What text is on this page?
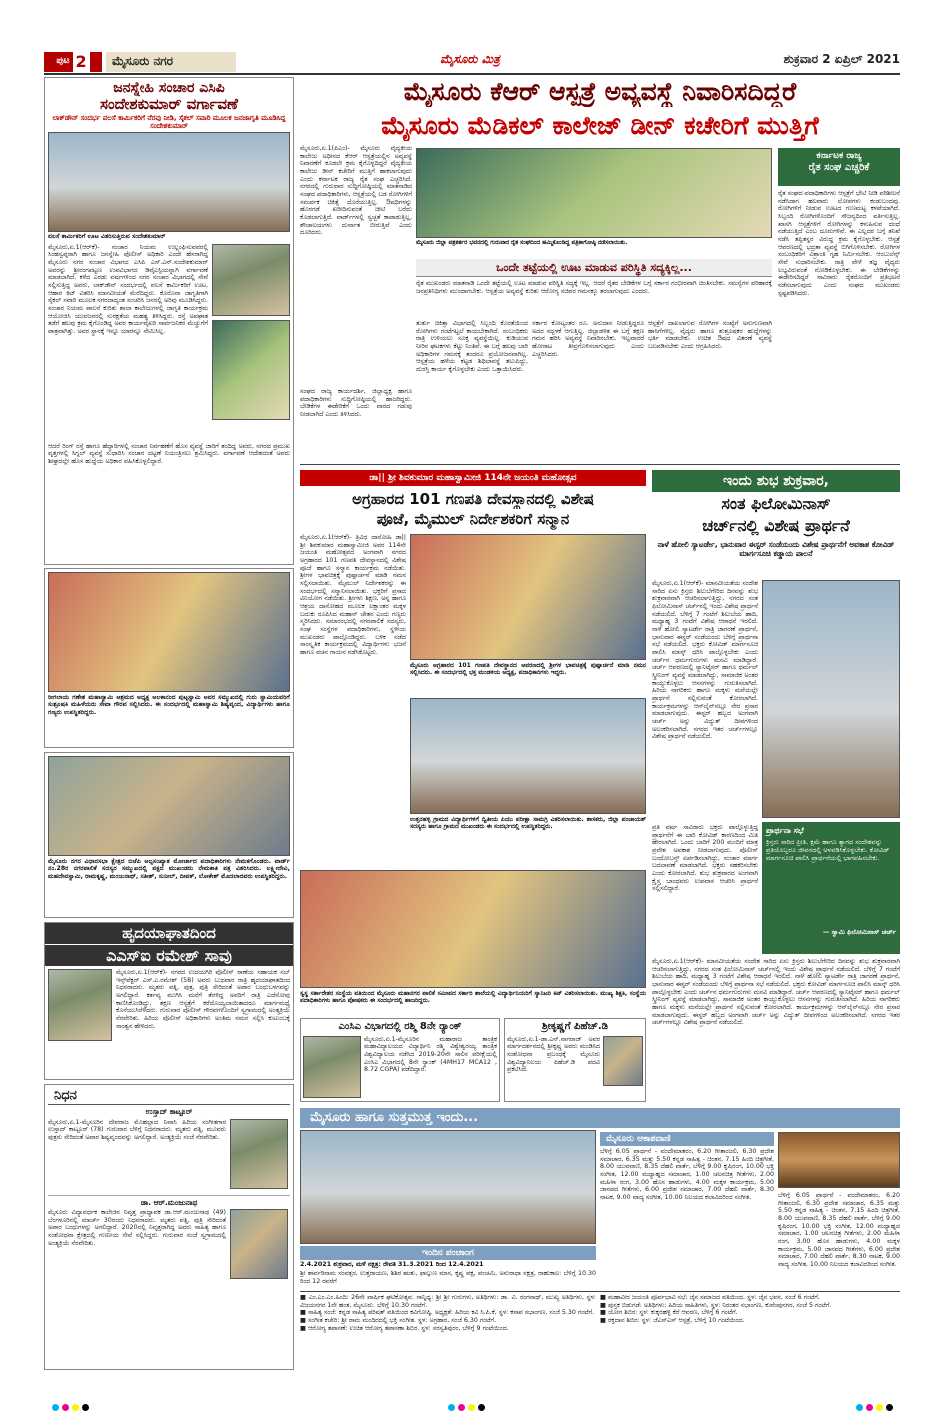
ಪುಟ 2	ಮೈಸೂರು ನಗರ	ಮೈಸೂರು ಮಿತ್ರ	ಶುಕ್ರವಾರ 2 ಏಪ್ರಿಲ್ 2021
ಜನಸ್ನೇಹಿ ಸಂಚಾರ ಎಸಿಪಿ
ಸಂದೇಶಕುಮಾರ್ ವರ್ಗಾವಣೆ
ಲಾಕ್‌ಡೌನ್ ಸಂದರ್ಭ ವಲಸೆ ಕಾರ್ಮಿಕರಿಗೆ ನೆರವು ನೀಡಿ, ಸೈಕಲ್ ಸವಾರಿ ಮೂಲಕ ಜನಜಾಗೃತಿ ಮೂಡಿಸಿದ್ದ ಸಂದೇಶಕುಮಾರ್
ವಲಸೆ ಕಾರ್ಮಿಕರಿಗೆ ಊಟ ವಿತರಿಸುತ್ತಿರುವ ಸಂದೇಶಕುಮಾರ್
ಮೈಸೂರು,ಏ.1(ಆರ್‌ಕೆ)- ಸಂಚಾರ ನಿಯಮ ಉಲ್ಲಂಘಿಸುವವರಲ್ಲಿ ಸಿಂಹಸ್ವಪ್ನರಾಗಿ ಹಾಗೂ ಜನಸ್ನೇಹಿ ಪೊಲೀಸ್ ಅಧಿಕಾರಿ ಎಂದೇ ಹೆಸರಾಗಿದ್ದ ಮೈಸೂರು ನಗರ ಸಂಚಾರ ವಿಭಾಗದ ಎಸಿಪಿ ಎಸ್.ಎನ್.ಸಂದೇಶಕುಮಾರ್ ಅವರನ್ನು ಶ್ರೀರಂಗಪಟ್ಟಣ ಉಪವಿಭಾಗದ ಡಿವೈಎಸ್ಪಿಯನ್ನಾಗಿ ವರ್ಗಾವಣೆ ಮಾಡಲಾಗಿದೆ. ಕಳೆದ ಎರಡು ವರ್ಷಗಳಿಂದ ನಗರ ಸಂಚಾರ ವಿಭಾಗದಲ್ಲಿ ಸೇವೆ ಸಲ್ಲಿಸುತ್ತಿದ್ದ ಅವರು, ಲಾಕ್‌ಡೌನ್ ಸಂದರ್ಭದಲ್ಲಿ ವಲಸೆ ಕಾರ್ಮಿಕರಿಗೆ ಊಟ, ಆಹಾರ ಕಿಟ್ ವಿತರಿಸಿ ಮಾನವೀಯತೆ ಮೆರೆದಿದ್ದರು. ಕೊರೊನಾ ಜಾಗೃತಿಗಾಗಿ ಸೈಕಲ್ ಸವಾರಿ ಮೂಲಕ ನಗರದಾದ್ಯಂತ ಸಂಚರಿಸಿ ಜನರಲ್ಲಿ ಅರಿವು ಮೂಡಿಸಿದ್ದರು. ಸಂಚಾರ ನಿಯಮ ಪಾಲನೆ ಕುರಿತು ಶಾಲಾ ಕಾಲೇಜುಗಳಲ್ಲಿ ಜಾಗೃತಿ ಕಾರ್ಯಕ್ರಮ ಆಯೋಜಿಸಿ ಯುವಜನರಲ್ಲಿ ಸುರಕ್ಷತೆಯ ಮಹತ್ವ ತಿಳಿಸಿದ್ದರು. ರಸ್ತೆ ಅಪಘಾತ ತಡೆಗೆ ಹಲವು ಕ್ರಮ ಕೈಗೊಂಡಿದ್ದ ಅವರ ಕಾರ್ಯವೈಖರಿ ಸಾರ್ವಜನಿಕರ ಮೆಚ್ಚುಗೆಗೆ ಪಾತ್ರವಾಗಿತ್ತು. ಅವರ ಸ್ಥಾನಕ್ಕೆ ಇನ್ನೂ ಯಾರನ್ನೂ ನೇಮಿಸಿಲ್ಲ.
ಆದರೆ ರಿಂಗ್ ರಸ್ತೆ ಹಾಗೂ ಹೆದ್ದಾರಿಗಳಲ್ಲಿ ಸಂಚಾರ ನಿರ್ವಹಣೆಗೆ ಹೊಸ ವ್ಯವಸ್ಥೆ ಜಾರಿಗೆ ತಂದಿದ್ದ ಅವರು, ನಗರದ ಪ್ರಮುಖ ವೃತ್ತಗಳಲ್ಲಿ ಸಿಗ್ನಲ್ ವ್ಯವಸ್ಥೆ ಸುಧಾರಿಸಿ ಸಂಚಾರ ದಟ್ಟಣೆ ನಿಯಂತ್ರಿಸಲು ಶ್ರಮಿಸಿದ್ದರು. ವರ್ಗಾವಣೆ ಆದೇಶದಂತೆ ಅವರು ಶೀಘ್ರದಲ್ಲೇ ಹೊಸ ಹುದ್ದೆಯ ಅಧಿಕಾರ ವಹಿಸಿಕೊಳ್ಳಲಿದ್ದಾರೆ.
ರೀಗಲಾಯ ಗಣೇಶ ಮಹಾಸ್ವಾಮಿ ಆಶ್ರಮದ ಅಧ್ಯಕ್ಷ ಅಲಕಾನಂದ ಪುಟ್ಟಸ್ವಾಮಿ ಅವರ ಸಮ್ಮುಖದಲ್ಲಿ ಗುರು ಸ್ವಾಮಿಯವರಿಗೆ ಸುಶ್ರೂಷಕಿ ಮಹಿಳೆಯರು ಸೇವಾ ಗೌರವ ಸಲ್ಲಿಸಿದರು. ಈ ಸಂದರ್ಭದಲ್ಲಿ ಮಹಾಸ್ವಾಮಿ ಶಿಷ್ಯವೃಂದ, ವಿದ್ಯಾರ್ಥಿಗಳು ಹಾಗೂ ಗಣ್ಯರು ಉಪಸ್ಥಿತರಿದ್ದರು.
ಮೈಸೂರು ನಗರ ವಿಧಾನಸಭಾ ಕ್ಷೇತ್ರದ ಬಿಜೆಪಿ ಅಲ್ಪಸಂಖ್ಯಾತ ಮೋರ್ಚಾದ ಪದಾಧಿಕಾರಿಗಳು ನೇಮಕಗೊಂಡರು. ವಾರ್ಡ್ ನಂ.28ರ ನಗರಪಾಲಿಕೆ ಸದಸ್ಯರ ಸಮ್ಮುಖದಲ್ಲಿ ಪಕ್ಷದ ಮುಖಂಡರು ನೇಮಕಾತಿ ಪತ್ರ ವಿತರಿಸಿದರು. ಲಕ್ಷ್ಮೀದೇವಿ, ಮಹದೇವಸ್ವಾಮಿ, ರಾಮಕೃಷ್ಣ, ಮಂಜುನಾಥ್, ಸತೀಶ್, ಸುನೀಲ್, ದೀಪಕ್, ಲೋಕೇಶ್ ಮೊದಲಾದವರು ಉಪಸ್ಥಿತರಿದ್ದರು.
ಹೃದಯಾಘಾತದಿಂದ
ಎಎಸ್‌ಐ ರಮೇಶ್ ಸಾವು
ಮೈಸೂರು,ಏ.1(ಆರ್‌ಕೆ)- ನಗರದ ಉದಯಗಿರಿ ಪೊಲೀಸ್ ಠಾಣೆಯ ಸಹಾಯಕ ಸಬ್ ಇನ್ಸ್‌ಪೆಕ್ಟರ್ ಎಸ್.ಎ.ರಮೇಶ್ (58) ಅವರು ಬುಧವಾರ ರಾತ್ರಿ ಹೃದಯಾಘಾತದಿಂದ ನಿಧನರಾದರು. ಮೃತರು ಪತ್ನಿ, ಪುತ್ರ, ಪುತ್ರಿ ಸೇರಿದಂತೆ ಅಪಾರ ಬಂಧುಬಳಗವನ್ನು ಅಗಲಿದ್ದಾರೆ. ಕರ್ತವ್ಯ ಮುಗಿಸಿ ಮನೆಗೆ ತೆರಳಿದ್ದ ಅವರಿಗೆ ರಾತ್ರಿ ಎದೆನೋವು ಕಾಣಿಸಿಕೊಂಡಿದ್ದು, ತಕ್ಷಣ ಆಸ್ಪತ್ರೆಗೆ ಕರೆದೊಯ್ಯಲಾಯಿತಾದರೂ ಮಾರ್ಗಮಧ್ಯೆ ಕೊನೆಯುಸಿರೆಳೆದರು. ಗುರುವಾರ ಪೊಲೀಸ್ ಗೌರವಗಳೊಂದಿಗೆ ಸ್ವಗ್ರಾಮದಲ್ಲಿ ಅಂತ್ಯಕ್ರಿಯೆ ನೆರವೇರಿತು. ಹಿರಿಯ ಪೊಲೀಸ್ ಅಧಿಕಾರಿಗಳು ಅಂತಿಮ ನಮನ ಸಲ್ಲಿಸಿ ಕುಟುಂಬಕ್ಕೆ ಸಾಂತ್ವನ ಹೇಳಿದರು.
ನಿಧನ
ಉಸ್ತಾದ್ ಕಾಟ್ಟೂರ್
ಮೈಸೂರು,ಏ.1-ಮೈಸೂರಿನ ದೇವರಾಜ ಮೊಹಲ್ಲಾದ ನಿವಾಸಿ ಹಿರಿಯ ಸಂಗೀತಗಾರ ಉಸ್ತಾದ್ ಕಾಟ್ಟೂರ್ (78) ಗುರುವಾರ ಬೆಳಿಗ್ಗೆ ನಿಧನರಾದರು. ಮೃತರು ಪತ್ನಿ, ಮೂವರು ಪುತ್ರರು ಸೇರಿದಂತೆ ಅಪಾರ ಶಿಷ್ಯವೃಂದವನ್ನು ಅಗಲಿದ್ದಾರೆ. ಅಂತ್ಯಕ್ರಿಯೆ ಸಂಜೆ ನೆರವೇರಿತು.
ಡಾ. ಆರ್.ಮಂಜುನಾಥ
ಮೈಸೂರು ವಿದ್ಯಾವರ್ಧಕ ಕಾಲೇಜಿನ ನಿವೃತ್ತ ಪ್ರಾಧ್ಯಾಪಕ ಡಾ.ಆರ್.ಮಂಜುನಾಥ (49) ಬೆಂಗಳೂರಿನಲ್ಲಿ ಮಾರ್ಚ್ 30ರಂದು ನಿಧನರಾದರು. ಮೃತರು ಪತ್ನಿ, ಪುತ್ರಿ ಸೇರಿದಂತೆ ಅಪಾರ ಬಂಧುಗಳನ್ನು ಅಗಲಿದ್ದಾರೆ. 2020ರಲ್ಲಿ ನಿವೃತ್ತರಾಗಿದ್ದ ಅವರು ಸಾಹಿತ್ಯ ಹಾಗೂ ಸಂಶೋಧನಾ ಕ್ಷೇತ್ರದಲ್ಲಿ ಗಣನೀಯ ಸೇವೆ ಸಲ್ಲಿಸಿದ್ದರು. ಗುರುವಾರ ಸಂಜೆ ಸ್ವಗ್ರಾಮದಲ್ಲಿ ಅಂತ್ಯಕ್ರಿಯೆ ನೆರವೇರಿತು.
ಮೈಸೂರು ಕೆಆರ್ ಆಸ್ಪತ್ರೆ ಅವ್ಯವಸ್ಥೆ ನಿವಾರಿಸದಿದ್ದರೆ
ಮೈಸೂರು ಮೆಡಿಕಲ್ ಕಾಲೇಜ್ ಡೀನ್ ಕಚೇರಿಗೆ ಮುತ್ತಿಗೆ
ಮೈಸೂರು,ಏ.1(ಪಿಎಂ)- ಮೈಸೂರು ವೈದ್ಯಕೀಯ ಕಾಲೇಜು ಅಧೀನದ ಕೆಆರ್ ಆಸ್ಪತ್ರೆಯಲ್ಲಿನ ಅವ್ಯವಸ್ಥೆ ನಿವಾರಣೆಗೆ ಕೂಡಲೇ ಕ್ರಮ ಕೈಗೊಳ್ಳದಿದ್ದರೆ ವೈದ್ಯಕೀಯ ಕಾಲೇಜು ಡೀನ್ ಕಚೇರಿಗೆ ಮುತ್ತಿಗೆ ಹಾಕಲಾಗುವುದು ಎಂದು ಕರ್ನಾಟಕ ರಾಜ್ಯ ರೈತ ಸಂಘ ಎಚ್ಚರಿಸಿದೆ. ನಗರದಲ್ಲಿ ಗುರುವಾರ ಸುದ್ದಿಗೋಷ್ಠಿಯಲ್ಲಿ ಮಾತನಾಡಿದ ಸಂಘದ ಪದಾಧಿಕಾರಿಗಳು, ಆಸ್ಪತ್ರೆಯಲ್ಲಿ ಬಡ ರೋಗಿಗಳಿಗೆ ಸಮರ್ಪಕ ಚಿಕಿತ್ಸೆ ದೊರೆಯುತ್ತಿಲ್ಲ. ಔಷಧಿಗಳನ್ನು ಹೊರಗಡೆ ಖರೀದಿಸುವಂತೆ ಚೀಟಿ ಬರೆದು ಕೊಡಲಾಗುತ್ತಿದೆ. ವಾರ್ಡ್‌ಗಳಲ್ಲಿ ಸ್ವಚ್ಛತೆ ಕಾಪಾಡುತ್ತಿಲ್ಲ, ಶೌಚಾಲಯಗಳು ದುರ್ನಾತ ಬೀರುತ್ತಿವೆ ಎಂದು ದೂರಿದರು.
ಮೈಸೂರು ಜಿಲ್ಲಾ ಪತ್ರಕರ್ತರ ಭವನದಲ್ಲಿ ಗುರುವಾರ ರೈತ ಸಂಘದಿಂದ ಹಮ್ಮಿಕೊಂಡಿದ್ದ ಪತ್ರಿಕಾಗೋಷ್ಠಿ ನಡೆಸಲಾಯಿತು.
ಒಂದೇ ತಟ್ಟೆಯಲ್ಲಿ ಊಟ ಮಾಡುವ ಪರಿಸ್ಥಿತಿ ಸದ್ಯಕ್ಕಿಲ್ಲ...
ರೈತ ಮುಖಂಡರು ಮಾತನಾಡಿ ಒಂದೇ ತಟ್ಟೆಯಲ್ಲಿ ಊಟ ಮಾಡುವ ಪರಿಸ್ಥಿತಿ ಸದ್ಯಕ್ಕೆ ಇಲ್ಲ. ಆದರೆ ರೈತರ ಬೇಡಿಕೆಗಳ ಬಗ್ಗೆ ಸರ್ಕಾರ ಗಂಭೀರವಾಗಿ ಚಿಂತಿಸಬೇಕು. ಸಮಸ್ಯೆಗಳ ಪರಿಹಾರಕ್ಕೆ ಜನಪ್ರತಿನಿಧಿಗಳು ಮುಂದಾಗಬೇಕು. ಆಸ್ಪತ್ರೆಯ ಅವ್ಯವಸ್ಥೆ ಕುರಿತು ಆರೋಗ್ಯ ಸಚಿವರ ಗಮನಕ್ಕೂ ತರಲಾಗುವುದು ಎಂದರು.
ತುರ್ತು ಚಿಕಿತ್ಸಾ ವಿಭಾಗದಲ್ಲಿ ಸಿಬ್ಬಂದಿ ಕೊರತೆಯಿಂದ ರೋಗಿಗಳು ಗಂಟೆಗಟ್ಟಲೆ ಕಾಯಬೇಕಾಗಿದೆ. ಸಂಬಂಧಿಕರು ರಾತ್ರಿ ಉಳಿಯಲು ಸೂಕ್ತ ವ್ಯವಸ್ಥೆಯಿಲ್ಲ. ಕುಡಿಯುವ ನೀರಿನ ಘಟಕಗಳು ಕೆಟ್ಟು ನಿಂತಿವೆ. ಈ ಬಗ್ಗೆ ಹಲವು ಬಾರಿ ಅಧಿಕಾರಿಗಳ ಗಮನಕ್ಕೆ ತಂದರೂ ಪ್ರಯೋಜನವಾಗಿಲ್ಲ. ಆಸ್ಪತ್ರೆಯ ಹಳೆಯ ಕಟ್ಟಡ ಶಿಥಿಲಾವಸ್ಥೆ ತಲುಪಿದ್ದು, ದುರಸ್ತಿ ಕಾರ್ಯ ಕೈಗೊಳ್ಳಬೇಕು ಎಂದು ಒತ್ತಾಯಿಸಿದರು.
ಸರ್ಕಾರ ಕೋಟ್ಯಂತರ ರೂ. ಅನುದಾನ ನೀಡುತ್ತಿದ್ದರೂ ಅದರ ಸದ್ಬಳಕೆ ಆಗುತ್ತಿಲ್ಲ. ಜಿಲ್ಲಾಡಳಿತ ಈ ಬಗ್ಗೆ ತಕ್ಷಣ ಗಮನ ಹರಿಸಿ ಅವ್ಯವಸ್ಥೆ ನಿವಾರಿಸಬೇಕು. ಇಲ್ಲವಾದರೆ ಹೋರಾಟ ತೀವ್ರಗೊಳಿಸಲಾಗುವುದು ಎಂದು ಎಚ್ಚರಿಸಿದರು.
ಆಸ್ಪತ್ರೆಗೆ ದಾಖಲಾಗುವ ರೋಗಿಗಳ ಸಂಖ್ಯೆಗೆ ಅನುಗುಣವಾಗಿ ಹಾಸಿಗೆಗಳಿಲ್ಲ. ವೈದ್ಯರು ಹಾಗೂ ಶುಶ್ರೂಷಕರ ಹುದ್ದೆಗಳನ್ನು ಭರ್ತಿ ಮಾಡಬೇಕು. ಉಚಿತ ಔಷಧ ವಿತರಣೆ ವ್ಯವಸ್ಥೆ ಬಲಪಡಿಸಬೇಕು ಎಂದು ಆಗ್ರಹಿಸಿದರು.
ಸಂಘದ ರಾಜ್ಯ ಕಾರ್ಯದರ್ಶಿ, ಜಿಲ್ಲಾಧ್ಯಕ್ಷ ಹಾಗೂ ಪದಾಧಿಕಾರಿಗಳು ಸುದ್ದಿಗೋಷ್ಠಿಯಲ್ಲಿ ಹಾಜರಿದ್ದರು. ಬೇಡಿಕೆಗಳ ಈಡೇರಿಕೆಗೆ ಒಂದು ವಾರದ ಗಡುವು ನೀಡಲಾಗಿದೆ ಎಂದು ತಿಳಿಸಿದರು.
ಕರ್ನಾಟಕ ರಾಜ್ಯ
ರೈತ ಸಂಘ ಎಚ್ಚರಿಕೆ
ರೈತ ಸಂಘದ ಪದಾಧಿಕಾರಿಗಳು ಆಸ್ಪತ್ರೆಗೆ ಭೇಟಿ ನೀಡಿ ಪರಿಶೀಲನೆ ನಡೆಸಿದಾಗ ಹಲವಾರು ಲೋಪಗಳು ಕಂಡುಬಂದವು. ರೋಗಿಗಳಿಗೆ ನೀಡುವ ಊಟದ ಗುಣಮಟ್ಟ ಕಳಪೆಯಾಗಿದೆ. ಸಿಬ್ಬಂದಿ ರೋಗಿಗಳೊಂದಿಗೆ ಸೌಜನ್ಯದಿಂದ ವರ್ತಿಸುತ್ತಿಲ್ಲ. ಖಾಸಗಿ ಆಸ್ಪತ್ರೆಗಳಿಗೆ ರೋಗಿಗಳನ್ನು ಕಳುಹಿಸುವ ದಂಧೆ ನಡೆಯುತ್ತಿದೆ ಎಂಬ ದೂರುಗಳಿವೆ. ಈ ಎಲ್ಲದರ ಬಗ್ಗೆ ತನಿಖೆ ನಡೆಸಿ ತಪ್ಪಿತಸ್ಥರ ವಿರುದ್ಧ ಕ್ರಮ ಕೈಗೊಳ್ಳಬೇಕು. ಆಸ್ಪತ್ರೆ ಆವರಣದಲ್ಲಿ ಭದ್ರತಾ ವ್ಯವಸ್ಥೆ ಬಿಗಿಗೊಳಿಸಬೇಕು. ರೋಗಿಗಳ ಸಂಬಂಧಿಕರಿಗೆ ವಿಶ್ರಾಂತಿ ಗೃಹ ನಿರ್ಮಿಸಬೇಕು. ಆಂಬುಲೆನ್ಸ್ ಸೇವೆ ಸುಧಾರಿಸಬೇಕು. ರಾತ್ರಿ ವೇಳೆ ತಜ್ಞ ವೈದ್ಯರು ಲಭ್ಯವಿರುವಂತೆ ನೋಡಿಕೊಳ್ಳಬೇಕು. ಈ ಬೇಡಿಕೆಗಳನ್ನು ಈಡೇರಿಸದಿದ್ದರೆ ಸಾವಿರಾರು ರೈತರೊಂದಿಗೆ ಪ್ರತಿಭಟನೆ ನಡೆಸಲಾಗುವುದು ಎಂದು ಸಂಘದ ಮುಖಂಡರು ಸ್ಪಷ್ಟಪಡಿಸಿದರು.
ಡಾ|| ಶ್ರೀ ಶಿವಕುಮಾರ ಮಹಾಸ್ವಾಮೀಜಿ 114ನೇ ಜಯಂತಿ ಮಹೋತ್ಸವ
ಅಗ್ರಹಾರದ 101 ಗಣಪತಿ ದೇವಸ್ಥಾನದಲ್ಲಿ ವಿಶೇಷ
ಪೂಜೆ, ಮೈಮುಲ್ ನಿರ್ದೇಶಕರಿಗೆ ಸನ್ಮಾನ
ಮೈಸೂರು,ಏ.1(ಆರ್‌ಕೆ)- ತ್ರಿವಿಧ ದಾಸೋಹಿ ಡಾ|| ಶ್ರೀ ಶಿವಕುಮಾರ ಮಹಾಸ್ವಾಮೀಜಿ ಅವರ 114ನೇ ಜಯಂತಿ ಮಹೋತ್ಸವದ ಅಂಗವಾಗಿ ನಗರದ ಅಗ್ರಹಾರದ 101 ಗಣಪತಿ ದೇವಸ್ಥಾನದಲ್ಲಿ ವಿಶೇಷ ಪೂಜೆ ಹಾಗೂ ಸನ್ಮಾನ ಕಾರ್ಯಕ್ರಮ ನಡೆಯಿತು. ಶ್ರೀಗಳ ಭಾವಚಿತ್ರಕ್ಕೆ ಪುಷ್ಪಾರ್ಚನೆ ಮಾಡಿ ನಮನ ಸಲ್ಲಿಸಲಾಯಿತು. ಮೈಮುಲ್ ನಿರ್ದೇಶಕರನ್ನು ಈ ಸಂದರ್ಭದಲ್ಲಿ ಸನ್ಮಾನಿಸಲಾಯಿತು. ಭಕ್ತರಿಗೆ ಪ್ರಸಾದ ವಿನಿಯೋಗ ನಡೆಯಿತು. ಶ್ರೀಗಳು ಶಿಕ್ಷಣ, ಅನ್ನ ಹಾಗೂ ಆಶ್ರಯ ದಾಸೋಹದ ಮೂಲಕ ಲಕ್ಷಾಂತರ ಮಕ್ಕಳ ಬದುಕು ರೂಪಿಸಿದ ಮಹಾನ್ ಚೇತನ ಎಂದು ಗಣ್ಯರು ಸ್ಮರಿಸಿದರು. ಸಮಾರಂಭದಲ್ಲಿ ನಗರಪಾಲಿಕೆ ಸದಸ್ಯರು, ಸಂಘ ಸಂಸ್ಥೆಗಳ ಪದಾಧಿಕಾರಿಗಳು, ಸ್ಥಳೀಯ ಮುಖಂಡರು ಪಾಲ್ಗೊಂಡಿದ್ದರು. ಬಳಿಕ ನಡೆದ ಸಾಂಸ್ಕೃತಿಕ ಕಾರ್ಯಕ್ರಮದಲ್ಲಿ ವಿದ್ಯಾರ್ಥಿಗಳು ಭಜನೆ ಹಾಗೂ ವಚನ ಗಾಯನ ನಡೆಸಿಕೊಟ್ಟರು.
ಮೈಸೂರು ಅಗ್ರಹಾರದ 101 ಗಣಪತಿ ದೇವಸ್ಥಾನದ ಆವರಣದಲ್ಲಿ ಶ್ರೀಗಳ ಭಾವಚಿತ್ರಕ್ಕೆ ಪುಷ್ಪಾರ್ಚನೆ ಮಾಡಿ ನಮನ ಸಲ್ಲಿಸಿದರು. ಈ ಸಂದರ್ಭದಲ್ಲಿ ಭಕ್ತ ಮಂಡಳಿಯ ಅಧ್ಯಕ್ಷ, ಪದಾಧಿಕಾರಿಗಳು ಇದ್ದರು.
ಉತ್ತನಹಳ್ಳಿ ಗ್ರಾಮದ ವಿದ್ಯಾರ್ಥಿಗಳಿಗೆ ದ್ವಿತೀಯ ಪಿಯು ಪರೀಕ್ಷಾ ಸಾಮಗ್ರಿ ವಿತರಿಸಲಾಯಿತು. ಶಾಸಕರು, ಜಿಲ್ಲಾ ಪಂಚಾಯತ್ ಸದಸ್ಯರು ಹಾಗೂ ಗ್ರಾಮದ ಮುಖಂಡರು ಈ ಸಂದರ್ಭದಲ್ಲಿ ಉಪಸ್ಥಿತರಿದ್ದರು.
ಇಂದು ಶುಭ ಶುಕ್ರವಾರ,
ಸಂತ ಫಿಲೋಮಿನಾಸ್
ಚರ್ಚ್‌ನಲ್ಲಿ ವಿಶೇಷ ಪ್ರಾರ್ಥನೆ
ನಾಳೆ ಹೋಲಿ ಸ್ಯಾಟರ್ಡೇ, ಭಾನುವಾರ ಈಸ್ಟರ್ ಸಂಡೆಯಂದು ವಿಶೇಷ ಪ್ರಾರ್ಥನೆಗೆ ಅವಕಾಶ ಕೋವಿಡ್ ಮಾರ್ಗಸೂಚಿ ಕಡ್ಡಾಯ ಪಾಲನೆ
ಮೈಸೂರು,ಏ.1(ಆರ್‌ಕೆ)- ಮಾನವೀಯತೆಯ ಸಂದೇಶ ಸಾರಿದ ಏಸು ಕ್ರಿಸ್ತರು ಶಿಲುಬೆಗೇರಿದ ದಿನವನ್ನು ಶುಭ ಶುಕ್ರವಾರವಾಗಿ ಆಚರಿಸಲಾಗುತ್ತಿದ್ದು, ನಗರದ ಸಂತ ಫಿಲೋಮಿನಾಸ್ ಚರ್ಚ್‌ನಲ್ಲಿ ಇಂದು ವಿಶೇಷ ಪ್ರಾರ್ಥನೆ ನಡೆಯಲಿದೆ. ಬೆಳಿಗ್ಗೆ 7 ಗಂಟೆಗೆ ಶಿಲುಬೆಯ ಹಾದಿ, ಮಧ್ಯಾಹ್ನ 3 ಗಂಟೆಗೆ ವಿಶೇಷ ಆರಾಧನೆ ಇರಲಿದೆ. ನಾಳೆ ಹೋಲಿ ಸ್ಯಾಟರ್ಡೇ ರಾತ್ರಿ ಜಾಗರಣೆ ಪ್ರಾರ್ಥನೆ, ಭಾನುವಾರ ಈಸ್ಟರ್ ಸಂಡೆಯಂದು ಬೆಳಿಗ್ಗೆ ಪ್ರಾರ್ಥನಾ ಸಭೆ ನಡೆಯಲಿದೆ. ಭಕ್ತರು ಕೋವಿಡ್ ಮಾರ್ಗಸೂಚಿ ಪಾಲಿಸಿ ಮಾಸ್ಕ್ ಧರಿಸಿ ಪಾಲ್ಗೊಳ್ಳಬೇಕು ಎಂದು ಚರ್ಚ್‌ನ ಧರ್ಮಗುರುಗಳು ಮನವಿ ಮಾಡಿದ್ದಾರೆ. ಚರ್ಚ್ ಆವರಣದಲ್ಲಿ ಸ್ಯಾನಿಟೈಸರ್ ಹಾಗೂ ಥರ್ಮಲ್ ಸ್ಕ್ರೀನಿಂಗ್ ವ್ಯವಸ್ಥೆ ಮಾಡಲಾಗಿದ್ದು, ಸಾಮಾಜಿಕ ಅಂತರ ಕಾಯ್ದುಕೊಳ್ಳಲು ಆಸನಗಳನ್ನು ಗುರುತಿಸಲಾಗಿದೆ. ಹಿರಿಯ ನಾಗರಿಕರು ಹಾಗೂ ಮಕ್ಕಳು ಮನೆಯಲ್ಲೇ ಪ್ರಾರ್ಥನೆ ಸಲ್ಲಿಸುವಂತೆ ಕೋರಲಾಗಿದೆ. ಕಾರ್ಯಕ್ರಮಗಳನ್ನು ಆನ್‌ಲೈನ್‌ನಲ್ಲೂ ನೇರ ಪ್ರಸಾರ ಮಾಡಲಾಗುವುದು. ಈಸ್ಟರ್ ಹಬ್ಬದ ಅಂಗವಾಗಿ ಚರ್ಚ್ ಅನ್ನು ವಿದ್ಯುತ್ ದೀಪಗಳಿಂದ ಅಲಂಕರಿಸಲಾಗಿದೆ. ನಗರದ ಇತರ ಚರ್ಚ್‌ಗಳಲ್ಲೂ ವಿಶೇಷ ಪ್ರಾರ್ಥನೆ ನಡೆಯಲಿದೆ.
ಪ್ರಾರ್ಥನಾ ಸಭೆ
ಕ್ರಿಸ್ತರು ಸಾರಿದ ಪ್ರೀತಿ, ಕ್ಷಮೆ ಹಾಗೂ ತ್ಯಾಗದ ಸಂದೇಶವನ್ನು ಪ್ರತಿಯೊಬ್ಬರೂ ಜೀವನದಲ್ಲಿ ಅಳವಡಿಸಿಕೊಳ್ಳಬೇಕು. ಕೋವಿಡ್ ಮಾರ್ಗಸೂಚಿ ಪಾಲಿಸಿ ಪ್ರಾರ್ಥನೆಯಲ್ಲಿ ಭಾಗವಹಿಸಬೇಕು.
— ಸ್ವಾಮಿ ಫಿಲೋಮಿನಾಸ್ ಚರ್ಚ್
ಪ್ರತಿ ವರ್ಷ ಸಾವಿರಾರು ಭಕ್ತರು ಪಾಲ್ಗೊಳ್ಳುತ್ತಿದ್ದ ಪ್ರಾರ್ಥನೆಗೆ ಈ ಬಾರಿ ಕೋವಿಡ್ ಕಾರಣದಿಂದ ಮಿತಿ ಹೇರಲಾಗಿದೆ. ಒಂದು ಬಾರಿಗೆ 200 ಮಂದಿಗೆ ಮಾತ್ರ ಪ್ರವೇಶ ಅವಕಾಶ ನೀಡಲಾಗುವುದು. ಪೊಲೀಸ್ ಬಂದೋಬಸ್ತ್ ಏರ್ಪಡಿಸಲಾಗಿದ್ದು, ಸಂಚಾರ ಮಾರ್ಗ ಬದಲಾವಣೆ ಮಾಡಲಾಗಿದೆ. ಭಕ್ತರು ಸಹಕರಿಸಬೇಕು ಎಂದು ಕೋರಲಾಗಿದೆ. ಶುಭ ಶುಕ್ರವಾರದ ಅಂಗವಾಗಿ ಕ್ರೈಸ್ತ ಬಾಂಧವರು ಉಪವಾಸ ಆಚರಿಸಿ ಪ್ರಾರ್ಥನೆ ಸಲ್ಲಿಸಲಿದ್ದಾರೆ.
ಮೈಸೂರು,ಏ.1(ಆರ್‌ಕೆ)- ಮಾನವೀಯತೆಯ ಸಂದೇಶ ಸಾರಿದ ಏಸು ಕ್ರಿಸ್ತರು ಶಿಲುಬೆಗೇರಿದ ದಿನವನ್ನು ಶುಭ ಶುಕ್ರವಾರವಾಗಿ ಆಚರಿಸಲಾಗುತ್ತಿದ್ದು, ನಗರದ ಸಂತ ಫಿಲೋಮಿನಾಸ್ ಚರ್ಚ್‌ನಲ್ಲಿ ಇಂದು ವಿಶೇಷ ಪ್ರಾರ್ಥನೆ ನಡೆಯಲಿದೆ. ಬೆಳಿಗ್ಗೆ 7 ಗಂಟೆಗೆ ಶಿಲುಬೆಯ ಹಾದಿ, ಮಧ್ಯಾಹ್ನ 3 ಗಂಟೆಗೆ ವಿಶೇಷ ಆರಾಧನೆ ಇರಲಿದೆ. ನಾಳೆ ಹೋಲಿ ಸ್ಯಾಟರ್ಡೇ ರಾತ್ರಿ ಜಾಗರಣೆ ಪ್ರಾರ್ಥನೆ, ಭಾನುವಾರ ಈಸ್ಟರ್ ಸಂಡೆಯಂದು ಬೆಳಿಗ್ಗೆ ಪ್ರಾರ್ಥನಾ ಸಭೆ ನಡೆಯಲಿದೆ. ಭಕ್ತರು ಕೋವಿಡ್ ಮಾರ್ಗಸೂಚಿ ಪಾಲಿಸಿ ಮಾಸ್ಕ್ ಧರಿಸಿ ಪಾಲ್ಗೊಳ್ಳಬೇಕು ಎಂದು ಚರ್ಚ್‌ನ ಧರ್ಮಗುರುಗಳು ಮನವಿ ಮಾಡಿದ್ದಾರೆ. ಚರ್ಚ್ ಆವರಣದಲ್ಲಿ ಸ್ಯಾನಿಟೈಸರ್ ಹಾಗೂ ಥರ್ಮಲ್ ಸ್ಕ್ರೀನಿಂಗ್ ವ್ಯವಸ್ಥೆ ಮಾಡಲಾಗಿದ್ದು, ಸಾಮಾಜಿಕ ಅಂತರ ಕಾಯ್ದುಕೊಳ್ಳಲು ಆಸನಗಳನ್ನು ಗುರುತಿಸಲಾಗಿದೆ. ಹಿರಿಯ ನಾಗರಿಕರು ಹಾಗೂ ಮಕ್ಕಳು ಮನೆಯಲ್ಲೇ ಪ್ರಾರ್ಥನೆ ಸಲ್ಲಿಸುವಂತೆ ಕೋರಲಾಗಿದೆ. ಕಾರ್ಯಕ್ರಮಗಳನ್ನು ಆನ್‌ಲೈನ್‌ನಲ್ಲೂ ನೇರ ಪ್ರಸಾರ ಮಾಡಲಾಗುವುದು. ಈಸ್ಟರ್ ಹಬ್ಬದ ಅಂಗವಾಗಿ ಚರ್ಚ್ ಅನ್ನು ವಿದ್ಯುತ್ ದೀಪಗಳಿಂದ ಅಲಂಕರಿಸಲಾಗಿದೆ. ನಗರದ ಇತರ ಚರ್ಚ್‌ಗಳಲ್ಲೂ ವಿಶೇಷ ಪ್ರಾರ್ಥನೆ ನಡೆಯಲಿದೆ.
ಸ್ವಸ್ಥ ಸರ್ಕಾರೇತರ ಸಂಸ್ಥೆಯ ವತಿಯಿಂದ ಮೈಸೂರು ಮಹಾನಗರ ಪಾಲಿಕೆ ಸಮೀಪದ ಸರ್ಕಾರಿ ಶಾಲೆಯಲ್ಲಿ ವಿದ್ಯಾರ್ಥಿನಿಯರಿಗೆ ಸ್ಯಾನಿಟರಿ ಕಿಟ್ ವಿತರಿಸಲಾಯಿತು. ಮುಖ್ಯ ಶಿಕ್ಷಕಿ, ಸಂಸ್ಥೆಯ ಪದಾಧಿಕಾರಿಗಳು ಹಾಗೂ ಪೋಷಕರು ಈ ಸಂದರ್ಭದಲ್ಲಿ ಹಾಜರಿದ್ದರು.
ಎಂಸಿಎ ವಿಭಾಗದಲ್ಲಿ ರಶ್ಮಿ 8ನೇ ರ್‍ಯಾಂಕ್
ಮೈಸೂರು,ಏ.1-ಮೈಸೂರಿನ ಮಹಾರಾಜ ತಾಂತ್ರಿಕ ಮಹಾವಿದ್ಯಾಲಯದ ವಿದ್ಯಾರ್ಥಿನಿ ರಶ್ಮಿ ವಿಶ್ವೇಶ್ವರಯ್ಯ ತಾಂತ್ರಿಕ ವಿಶ್ವವಿದ್ಯಾಲಯ ನಡೆಸಿದ 2019-20ನೇ ಸಾಲಿನ ಪರೀಕ್ಷೆಯಲ್ಲಿ ಎಂಸಿಎ ವಿಭಾಗದಲ್ಲಿ 8ನೇ ರ್‍ಯಾಂಕ್ (4MH17 MCA12 , 8.72 CGPA) ಪಡೆದಿದ್ದಾರೆ.
ಶ್ರೀಕೃಷ್ಣಗೆ ಪಿಹೆಚ್.ಡಿ
ಮೈಸೂರು,ಏ.1-ಡಾ.ಎನ್.ನಾಗರಾಜ್ ಅವರ ಮಾರ್ಗದರ್ಶನದಲ್ಲಿ ಶ್ರೀಕೃಷ್ಣ ಅವರು ಮಂಡಿಸಿದ ಸಂಶೋಧನಾ ಪ್ರಬಂಧಕ್ಕೆ ಮೈಸೂರು ವಿಶ್ವವಿದ್ಯಾನಿಲಯ ಪಿಹೆಚ್.ಡಿ ಪದವಿ ಪ್ರಕಟಿಸಿದೆ.
ಮೈಸೂರು ಹಾಗೂ ಸುತ್ತಮುತ್ತ ಇಂದು...
ಇಂದಿನ ಪಂಚಾಂಗ
2.4.2021 ಶುಕ್ರವಾರ, ಮಳೆ ನಕ್ಷತ್ರ: ರೇವತಿ 31.3.2021 ರಿಂದ 12.4.2021
ಶ್ರೀ ಶಾರ್ವರಿನಾಮ ಸಂವತ್ಸರ, ಉತ್ತರಾಯಣ, ಶಿಶಿರ ಋತು, ಫಾಲ್ಗುಣ ಮಾಸ, ಕೃಷ್ಣ ಪಕ್ಷ, ಪಂಚಮಿ, ಅನುರಾಧಾ ನಕ್ಷತ್ರ, ರಾಹುಕಾಲ: ಬೆಳಿಗ್ಗೆ 10.30 ರಿಂದ 12 ರವರೆಗೆ
ಮೈಸೂರು ಆಕಾಶವಾಣಿ
ಬೆಳಿಗ್ಗೆ 6.05 ಪ್ರಾರ್ಥನೆ - ವಂದೇಮಾತರಂ, 6.20 ಗೀತಾಂಜಲಿ, 6.30 ಪ್ರದೇಶ ಸಮಾಚಾರ, 6.35 ಮತ್ತು 5.50 ಕನ್ನಡ ಸಾಹಿತ್ಯ - ಚಿಂತನ, 7.15 ಹಿಂದಿ ಚಿತ್ರಗೀತೆ, 8.00 ಯುವವಾಣಿ, 8.35 ದೆಹಲಿ ವಾರ್ತೆ, ಬೆಳಿಗ್ಗೆ 9.00 ಕೃಷಿರಂಗ, 10.00 ಭಕ್ತಿ ಸಂಗೀತ, 12.00 ಮಧ್ಯಾಹ್ನದ ಸಮಾಚಾರ, 1.00 ಚಲನಚಿತ್ರ ಗೀತೆಗಳು, 2.00 ಮಹಿಳಾ ರಂಗ, 3.00 ಹೊಸ ಹಾಡುಗಳು, 4.00 ಮಕ್ಕಳ ಕಾರ್ಯಕ್ರಮ, 5.00 ಜಾನಪದ ಗೀತೆಗಳು, 6.00 ಪ್ರದೇಶ ಸಮಾಚಾರ, 7.00 ದೆಹಲಿ ವಾರ್ತೆ, 8.30 ನಾಟಕ, 9.00 ವಾದ್ಯ ಸಂಗೀತ, 10.00 ನಿಲಯದ ಕಲಾವಿದರಿಂದ ಸಂಗೀತ.	ಬೆಳಿಗ್ಗೆ 6.05 ಪ್ರಾರ್ಥನೆ - ವಂದೇಮಾತರಂ, 6.20 ಗೀತಾಂಜಲಿ, 6.30 ಪ್ರದೇಶ ಸಮಾಚಾರ, 6.35 ಮತ್ತು 5.50 ಕನ್ನಡ ಸಾಹಿತ್ಯ - ಚಿಂತನ, 7.15 ಹಿಂದಿ ಚಿತ್ರಗೀತೆ, 8.00 ಯುವವಾಣಿ, 8.35 ದೆಹಲಿ ವಾರ್ತೆ, ಬೆಳಿಗ್ಗೆ 9.00 ಕೃಷಿರಂಗ, 10.00 ಭಕ್ತಿ ಸಂಗೀತ, 12.00 ಮಧ್ಯಾಹ್ನದ ಸಮಾಚಾರ, 1.00 ಚಲನಚಿತ್ರ ಗೀತೆಗಳು, 2.00 ಮಹಿಳಾ ರಂಗ, 3.00 ಹೊಸ ಹಾಡುಗಳು, 4.00 ಮಕ್ಕಳ ಕಾರ್ಯಕ್ರಮ, 5.00 ಜಾನಪದ ಗೀತೆಗಳು, 6.00 ಪ್ರದೇಶ ಸಮಾಚಾರ, 7.00 ದೆಹಲಿ ವಾರ್ತೆ, 8.30 ನಾಟಕ, 9.00 ವಾದ್ಯ ಸಂಗೀತ, 10.00 ನಿಲಯದ ಕಲಾವಿದರಿಂದ ಸಂಗೀತ.
■ ಎಂ.ಎಂ.ಎಂ.ಹಿಂದಿ: 26ನೇ ವಾರ್ಷಿಕ ಘಟಿಕೋತ್ಸವ. ಸಾನ್ನಿಧ್ಯ: ಶ್ರೀ ಶ್ರೀ ಗುರುಗಳು, ಅತಿಥಿಗಳು: ಡಾ. ವಿ. ರಂಗನಾಥ್, ಮುಖ್ಯ ಅತಿಥಿಗಳು, ಸ್ಥಳ: ವಿಜಯನಗರ 1ನೇ ಹಂತ, ಮೈಸೂರು. ಬೆಳಿಗ್ಗೆ 10.30 ಗಂಟೆಗೆ.
■ ಸಾಹಿತ್ಯ ಸಂಜೆ: ಕನ್ನಡ ಸಾಹಿತ್ಯ ಪರಿಷತ್ ವತಿಯಿಂದ ಕವಿಗೋಷ್ಠಿ. ಅಧ್ಯಕ್ಷತೆ: ಹಿರಿಯ ಕವಿ ಸಿ.ಪಿ.ಕೆ, ಸ್ಥಳ: ಕಸಾಪ ಸಭಾಂಗಣ, ಸಂಜೆ 5.30 ಗಂಟೆಗೆ.
■ ಸಂಗೀತ ಕಚೇರಿ: ಶ್ರೀ ರಾಮ ಮಂದಿರದಲ್ಲಿ ಭಕ್ತಿ ಸಂಗೀತ. ಸ್ಥಳ: ಅಗ್ರಹಾರ, ಸಂಜೆ 6.30 ಗಂಟೆಗೆ.
■ ಆರೋಗ್ಯ ತಪಾಸಣೆ: ಉಚಿತ ಆರೋಗ್ಯ ತಪಾಸಣಾ ಶಿಬಿರ. ಸ್ಥಳ: ಸರಸ್ವತಿಪುರಂ, ಬೆಳಿಗ್ಗೆ 9 ಗಂಟೆಯಿಂದ.
■ ಮಹಾವೀರ ಜಯಂತಿ ಪೂರ್ವಭಾವಿ ಸಭೆ: ಜೈನ ಸಮಾಜದ ವತಿಯಿಂದ. ಸ್ಥಳ: ಜೈನ ಭವನ, ಸಂಜೆ 6 ಗಂಟೆಗೆ.
■ ಪುಸ್ತಕ ಬಿಡುಗಡೆ: ಅತಿಥಿಗಳು: ಹಿರಿಯ ಸಾಹಿತಿಗಳು, ಸ್ಥಳ: ನಿರಂತರ ಸಭಾಂಗಣ, ಕುವೆಂಪುನಗರ, ಸಂಜೆ 5 ಗಂಟೆಗೆ.
■ ಯೋಗ ಶಿಬಿರ: ಸ್ಥಳ: ಕುಕ್ಕರಹಳ್ಳಿ ಕೆರೆ ಆವರಣ, ಬೆಳಿಗ್ಗೆ 6 ಗಂಟೆಗೆ.
■ ರಕ್ತದಾನ ಶಿಬಿರ: ಸ್ಥಳ: ಜೆಎಸ್‌ಎಸ್ ಆಸ್ಪತ್ರೆ, ಬೆಳಿಗ್ಗೆ 10 ಗಂಟೆಯಿಂದ.
